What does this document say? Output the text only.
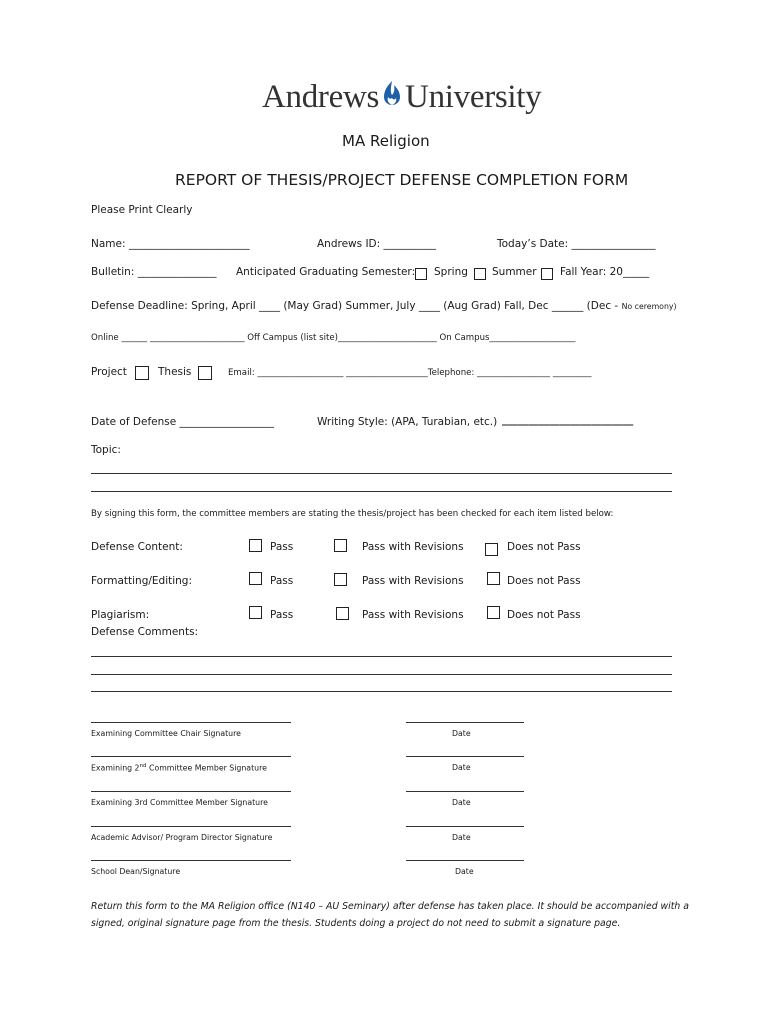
Andrews University
MA Religion
REPORT OF THESIS/PROJECT DEFENSE COMPLETION FORM
Please Print Clearly
Name: _______________________	Andrews ID: __________	Today’s Date: ________________
Bulletin: _______________ Anticipated Graduating Semester: Spring Summer Fall Year: 20_____
Defense Deadline: Spring, April ____ (May Grad) Summer, July ____ (Aug Grad) Fall, Dec ______ (Dec - No ceremony)
Online ______ ______________________ Off Campus (list site)_______________________ On Campus____________________
Project	Thesis	Email: ____________________ ___________________Telephone: _________________ _________
Date of Defense __________________	Writing Style: (APA, Turabian, etc.) _________________________
Topic:
By signing this form, the committee members are stating the thesis/project has been checked for each item listed below:
Defense Content:	Pass	Pass with Revisions	Does not Pass
Formatting/Editing:	Pass	Pass with Revisions	Does not Pass
Plagiarism:	Pass	Pass with Revisions	Does not Pass
Defense Comments:
Examining Committee Chair Signature	Date
Examining 2nd Committee Member Signature	Date
Examining 3rd Committee Member Signature	Date
Academic Advisor/ Program Director Signature	Date
School Dean/Signature	Date
Return this form to the MA Religion office (N140 – AU Seminary) after defense has taken place. It should be accompanied with a
signed, original signature page from the thesis. Students doing a project do not need to submit a signature page.
